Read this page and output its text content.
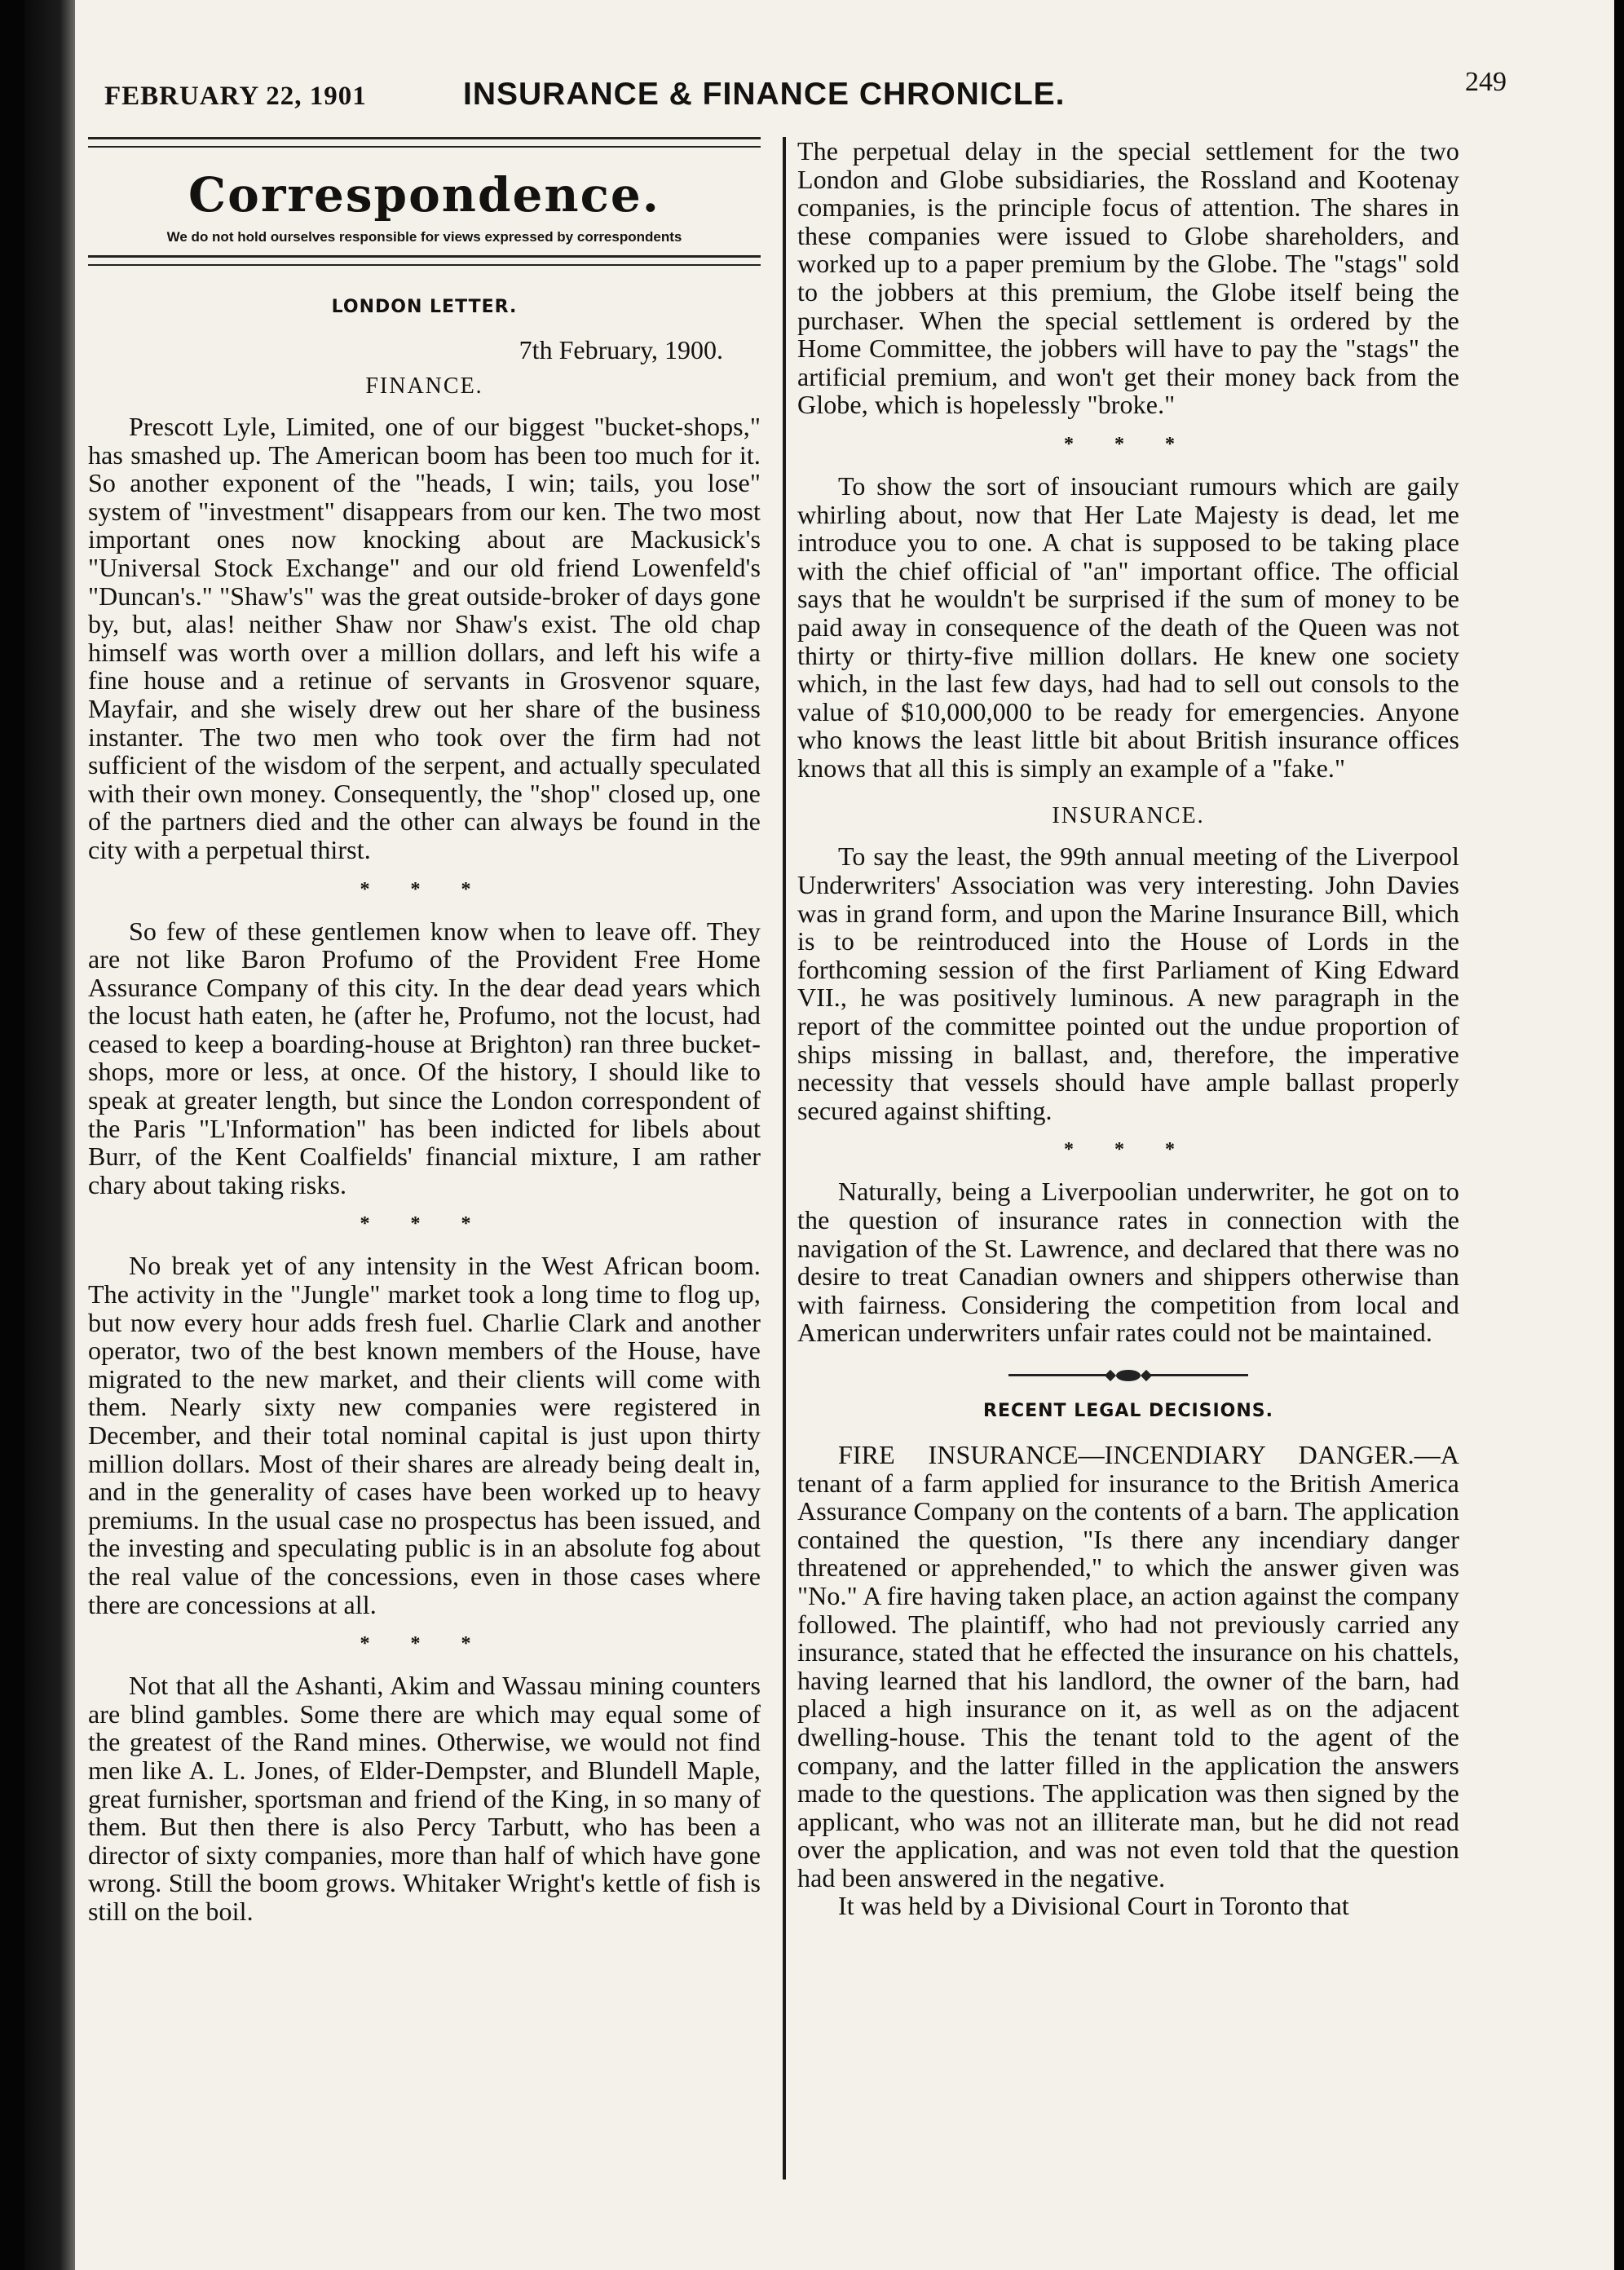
FEBRUARY 22, 1901	INSURANCE & FINANCE CHRONICLE.	249
Correspondence.
We do not hold ourselves responsible for views expressed by correspondents
LONDON LETTER.
7th February, 1900.
FINANCE.

Prescott Lyle, Limited, one of our biggest "bucket-shops," has smashed up. The American boom has been too much for it. So another exponent of the "heads, I win; tails, you lose" system of "investment" disappears from our ken. The two most important ones now knocking about are Mackusick's "Universal Stock Exchange" and our old friend Lowenfeld's "Duncan's." "Shaw's" was the great outside-broker of days gone by, but, alas! neither Shaw nor Shaw's exist. The old chap himself was worth over a million dollars, and left his wife a fine house and a retinue of servants in Grosvenor square, Mayfair, and she wisely drew out her share of the business instanter. The two men who took over the firm had not sufficient of the wisdom of the serpent, and actually speculated with their own money. Consequently, the "shop" closed up, one of the partners died and the other can always be found in the city with a perpetual thirst.

* * *

So few of these gentlemen know when to leave off. They are not like Baron Profumo of the Provident Free Home Assurance Company of this city. In the dear dead years which the locust hath eaten, he (after he, Profumo, not the locust, had ceased to keep a boarding-house at Brighton) ran three bucket-shops, more or less, at once. Of the history, I should like to speak at greater length, but since the London correspondent of the Paris "L'Information" has been indicted for libels about Burr, of the Kent Coalfields' financial mixture, I am rather chary about taking risks.

* * *

No break yet of any intensity in the West African boom. The activity in the "Jungle" market took a long time to flog up, but now every hour adds fresh fuel. Charlie Clark and another operator, two of the best known members of the House, have migrated to the new market, and their clients will come with them. Nearly sixty new companies were registered in December, and their total nominal capital is just upon thirty million dollars. Most of their shares are already being dealt in, and in the generality of cases have been worked up to heavy premiums. In the usual case no prospectus has been issued, and the investing and speculating public is in an absolute fog about the real value of the concessions, even in those cases where there are concessions at all.

* * *

Not that all the Ashanti, Akim and Wassau mining counters are blind gambles. Some there are which may equal some of the greatest of the Rand mines. Otherwise, we would not find men like A. L. Jones, of Elder-Dempster, and Blundell Maple, great furnisher, sportsman and friend of the King, in so many of them. But then there is also Percy Tarbutt, who has been a director of sixty companies, more than half of which have gone wrong. Still the boom grows. Whitaker Wright's kettle of fish is still on the boil.

The perpetual delay in the special settlement for the two London and Globe subsidiaries, the Rossland and Kootenay companies, is the principle focus of attention. The shares in these companies were issued to Globe shareholders, and worked up to a paper premium by the Globe. The "stags" sold to the jobbers at this premium, the Globe itself being the purchaser. When the special settlement is ordered by the Home Committee, the jobbers will have to pay the "stags" the artificial premium, and won't get their money back from the Globe, which is hopelessly "broke."

* * *

To show the sort of insouciant rumours which are gaily whirling about, now that Her Late Majesty is dead, let me introduce you to one. A chat is supposed to be taking place with the chief official of "an" important office. The official says that he wouldn't be surprised if the sum of money to be paid away in consequence of the death of the Queen was not thirty or thirty-five million dollars. He knew one society which, in the last few days, had had to sell out consols to the value of $10,000,000 to be ready for emergencies. Anyone who knows the least little bit about British insurance offices knows that all this is simply an example of a "fake."

INSURANCE.

To say the least, the 99th annual meeting of the Liverpool Underwriters' Association was very interesting. John Davies was in grand form, and upon the Marine Insurance Bill, which is to be reintroduced into the House of Lords in the forthcoming session of the first Parliament of King Edward VII., he was positively luminous. A new paragraph in the report of the committee pointed out the undue proportion of ships missing in ballast, and, therefore, the imperative necessity that vessels should have ample ballast properly secured against shifting.

* * *

Naturally, being a Liverpoolian underwriter, he got on to the question of insurance rates in connection with the navigation of the St. Lawrence, and declared that there was no desire to treat Canadian owners and shippers otherwise than with fairness. Considering the competition from local and American underwriters unfair rates could not be maintained.

RECENT LEGAL DECISIONS.

FIRE INSURANCE—INCENDIARY DANGER.—A tenant of a farm applied for insurance to the British America Assurance Company on the contents of a barn. The application contained the question, "Is there any incendiary danger threatened or apprehended," to which the answer given was "No." A fire having taken place, an action against the company followed. The plaintiff, who had not previously carried any insurance, stated that he effected the insurance on his chattels, having learned that his landlord, the owner of the barn, had placed a high insurance on it, as well as on the adjacent dwelling-house. This the tenant told to the agent of the company, and the latter filled in the application the answers made to the questions. The application was then signed by the applicant, who was not an illiterate man, but he did not read over the application, and was not even told that the question had been answered in the negative.

It was held by a Divisional Court in Toronto that
